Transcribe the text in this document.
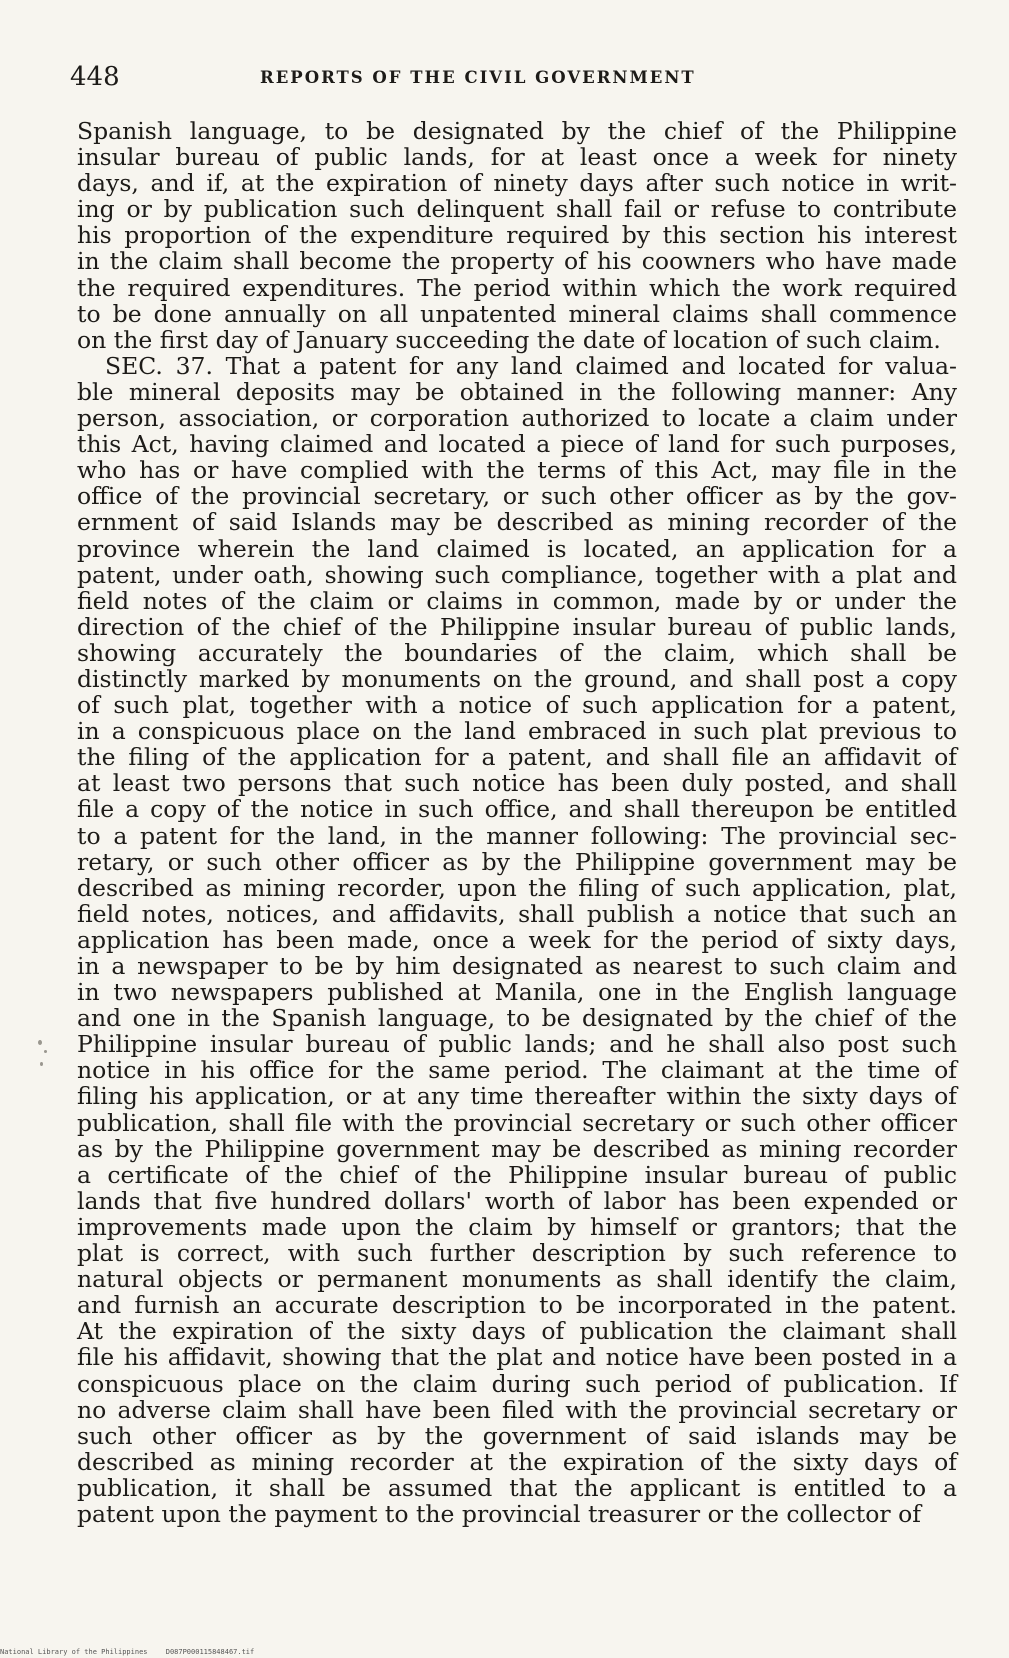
448	REPORTS OF THE CIVIL GOVERNMENT
Spanish language, to be designated by the chief of the Philippine
insular bureau of public lands, for at least once a week for ninety
days, and if, at the expiration of ninety days after such notice in writ-
ing or by publication such delinquent shall fail or refuse to contribute
his proportion of the expenditure required by this section his interest
in the claim shall become the property of his coowners who have made
the required expenditures. The period within which the work required
to be done annually on all unpatented mineral claims shall commence
on the first day of January succeeding the date of location of such claim.
SEC. 37. That a patent for any land claimed and located for valua-
ble mineral deposits may be obtained in the following manner: Any
person, association, or corporation authorized to locate a claim under
this Act, having claimed and located a piece of land for such purposes,
who has or have complied with the terms of this Act, may file in the
office of the provincial secretary, or such other officer as by the gov-
ernment of said Islands may be described as mining recorder of the
province wherein the land claimed is located, an application for a
patent, under oath, showing such compliance, together with a plat and
field notes of the claim or claims in common, made by or under the
direction of the chief of the Philippine insular bureau of public lands,
showing accurately the boundaries of the claim, which shall be
distinctly marked by monuments on the ground, and shall post a copy
of such plat, together with a notice of such application for a patent,
in a conspicuous place on the land embraced in such plat previous to
the filing of the application for a patent, and shall file an affidavit of
at least two persons that such notice has been duly posted, and shall
file a copy of the notice in such office, and shall thereupon be entitled
to a patent for the land, in the manner following: The provincial sec-
retary, or such other officer as by the Philippine government may be
described as mining recorder, upon the filing of such application, plat,
field notes, notices, and affidavits, shall publish a notice that such an
application has been made, once a week for the period of sixty days,
in a newspaper to be by him designated as nearest to such claim and
in two newspapers published at Manila, one in the English language
and one in the Spanish language, to be designated by the chief of the
Philippine insular bureau of public lands; and he shall also post such
notice in his office for the same period. The claimant at the time of
filing his application, or at any time thereafter within the sixty days of
publication, shall file with the provincial secretary or such other officer
as by the Philippine government may be described as mining recorder
a certificate of the chief of the Philippine insular bureau of public
lands that five hundred dollars' worth of labor has been expended or
improvements made upon the claim by himself or grantors; that the
plat is correct, with such further description by such reference to
natural objects or permanent monuments as shall identify the claim,
and furnish an accurate description to be incorporated in the patent.
At the expiration of the sixty days of publication the claimant shall
file his affidavit, showing that the plat and notice have been posted in a
conspicuous place on the claim during such period of publication. If
no adverse claim shall have been filed with the provincial secretary or
such other officer as by the government of said islands may be
described as mining recorder at the expiration of the sixty days of
publication, it shall be assumed that the applicant is entitled to a
patent upon the payment to the provincial treasurer or the collector of
National Library of the Philippines	D087P000115848467.tif
